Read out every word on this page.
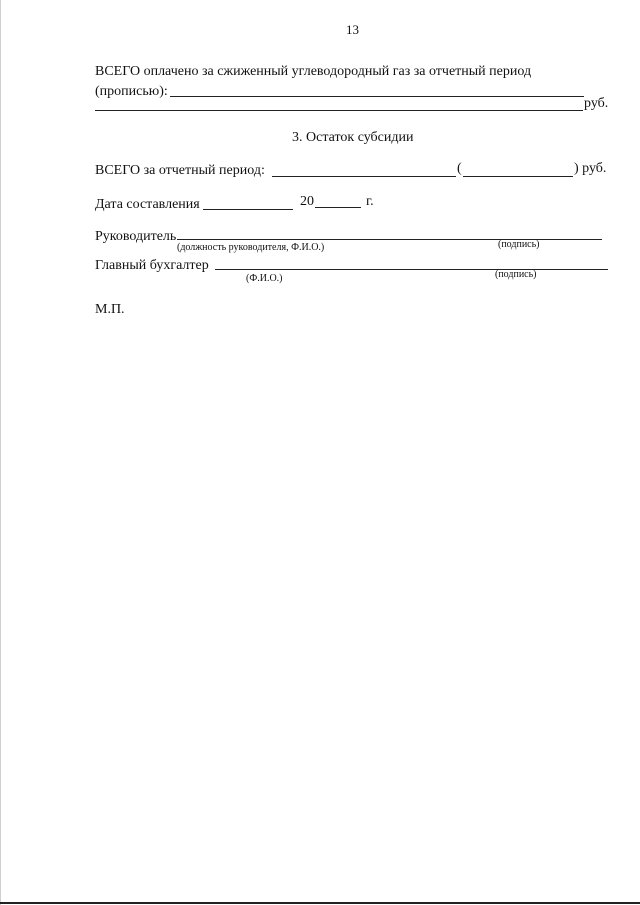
13
ВСЕГО оплачено за сжиженный углеводородный газ за отчетный период
(прописью):
руб.
3. Остаток субсидии
ВСЕГО за отчетный период:	(	) руб.
Дата составления	20	г.
Руководитель
(должность руководителя, Ф.И.О.)	(подпись)
Главный бухгалтер
(Ф.И.О.)	(подпись)
М.П.
